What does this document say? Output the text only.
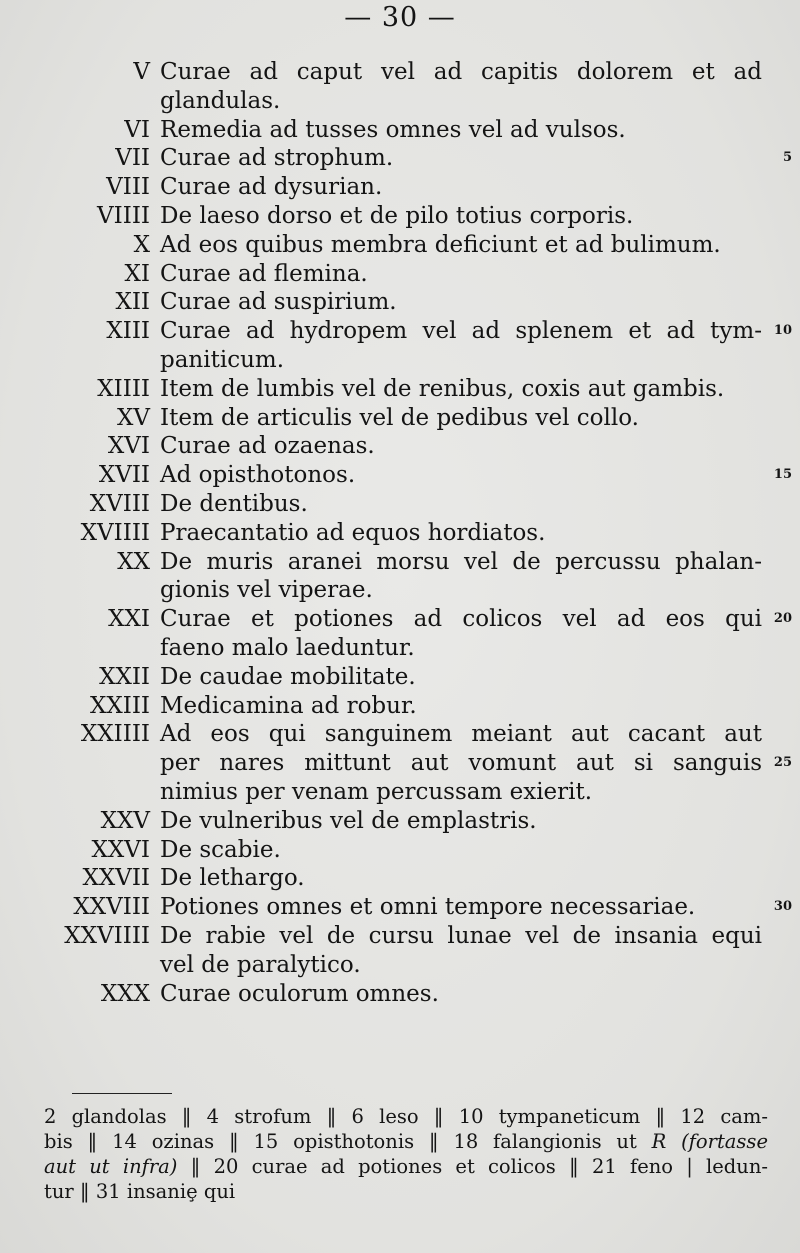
— 30 —
V Curae ad caput vel ad capitis dolorem et ad
glandulas.
VI Remedia ad tusses omnes vel ad vulsos.
VII Curae ad strophum.
VIII Curae ad dysurian.
VIIII De laeso dorso et de pilo totius corporis.
X Ad eos quibus membra deficiunt et ad bulimum.
XI Curae ad flemina.
XII Curae ad suspirium.
XIII Curae ad hydropem vel ad splenem et ad tym-
paniticum.
XIIII Item de lumbis vel de renibus, coxis aut gambis.
XV Item de articulis vel de pedibus vel collo.
XVI Curae ad ozaenas.
XVII Ad opisthotonos.
XVIII De dentibus.
XVIIII Praecantatio ad equos hordiatos.
XX De muris aranei morsu vel de percussu phalan-
gionis vel viperae.
XXI Curae et potiones ad colicos vel ad eos qui
faeno malo laeduntur.
XXII De caudae mobilitate.
XXIII Medicamina ad robur.
XXIIII Ad eos qui sanguinem meiant aut cacant aut
per nares mittunt aut vomunt aut si sanguis
nimius per venam percussam exierit.
XXV De vulneribus vel de emplastris.
XXVI De scabie.
XXVII De lethargo.
XXVIII Potiones omnes et omni tempore necessariae.
XXVIIII De rabie vel de cursu lunae vel de insania equi
vel de paralytico.
XXX Curae oculorum omnes.
5
10
15
20
25
30
2 glandolas ‖ 4 strofum ‖ 6 leso ‖ 10 tympaneticum ‖ 12 cam-
bis ‖ 14 ozinas ‖ 15 opisthotonis ‖ 18 falangionis ut R (fortasse
aut ut infra) ‖ 20 curae ad potiones et colicos ‖ 21 feno | ledun-
tur ‖ 31 insaniȩ qui
